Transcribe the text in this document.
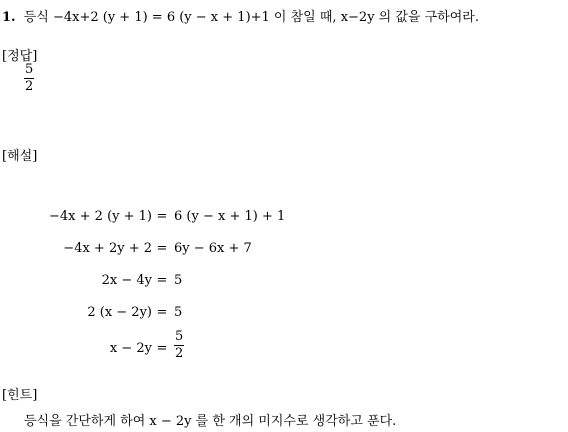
1. 등식 −4x+2 (y + 1) = 6 (y − x + 1)+1 이 참일 때, x−2y 의 값을 구하여라.
[정답]
$\frac{5}{2}$
[해설]
−4x + 2 (y + 1) = 6 (y − x + 1) + 1
−4x + 2y + 2 = 6y − 6x + 7
2x − 4y = 5
2 (x − 2y) = 5
$x - 2y = \frac{5}{2}$
[힌트]
등식을 간단하게 하여 x − 2y 를 한 개의 미지수로 생각하고 푼다.
